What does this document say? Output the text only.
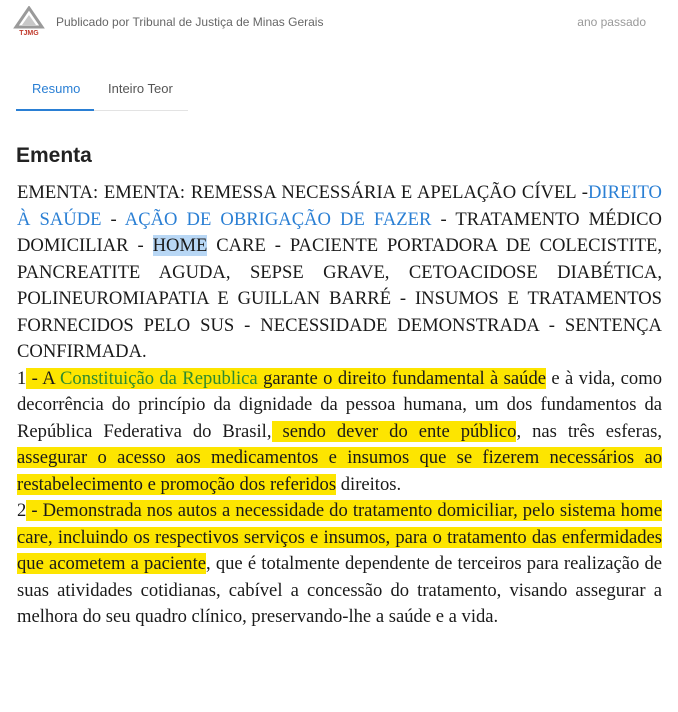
TJMG
Publicado por Tribunal de Justiça de Minas Gerais	ano passado
Resumo Inteiro Teor
Ementa

EMENTA: EMENTA: REMESSA NECESSÁRIA E APELAÇÃO CÍVEL -DIREITO À SAÚDE - AÇÃO DE OBRIGAÇÃO DE FAZER - TRATAMENTO MÉDICO DOMICILIAR - HOME CARE - PACIENTE PORTADORA DE COLECISTITE, PANCREATITE AGUDA, SEPSE GRAVE, CETOACIDOSE DIABÉTICA, POLINEUROMIAPATIA E GUILLAN BARRÉ - INSUMOS E TRATAMENTOS FORNECIDOS PELO SUS - NECESSIDADE DEMONSTRADA - SENTENÇA CONFIRMADA.

1 - A Constituição da Republica garante o direito fundamental à saúde e à vida, como decorrência do princípio da dignidade da pessoa humana, um dos fundamentos da República Federativa do Brasil, sendo dever do ente público, nas três esferas, assegurar o acesso aos medicamentos e insumos que se fizerem necessários ao restabelecimento e promoção dos referidos direitos.

2 - Demonstrada nos autos a necessidade do tratamento domiciliar, pelo sistema home care, incluindo os respectivos serviços e insumos, para o tratamento das enfermidades que acometem a paciente, que é totalmente dependente de terceiros para realização de suas atividades cotidianas, cabível a concessão do tratamento, visando assegurar a melhora do seu quadro clínico, preservando-lhe a saúde e a vida.
